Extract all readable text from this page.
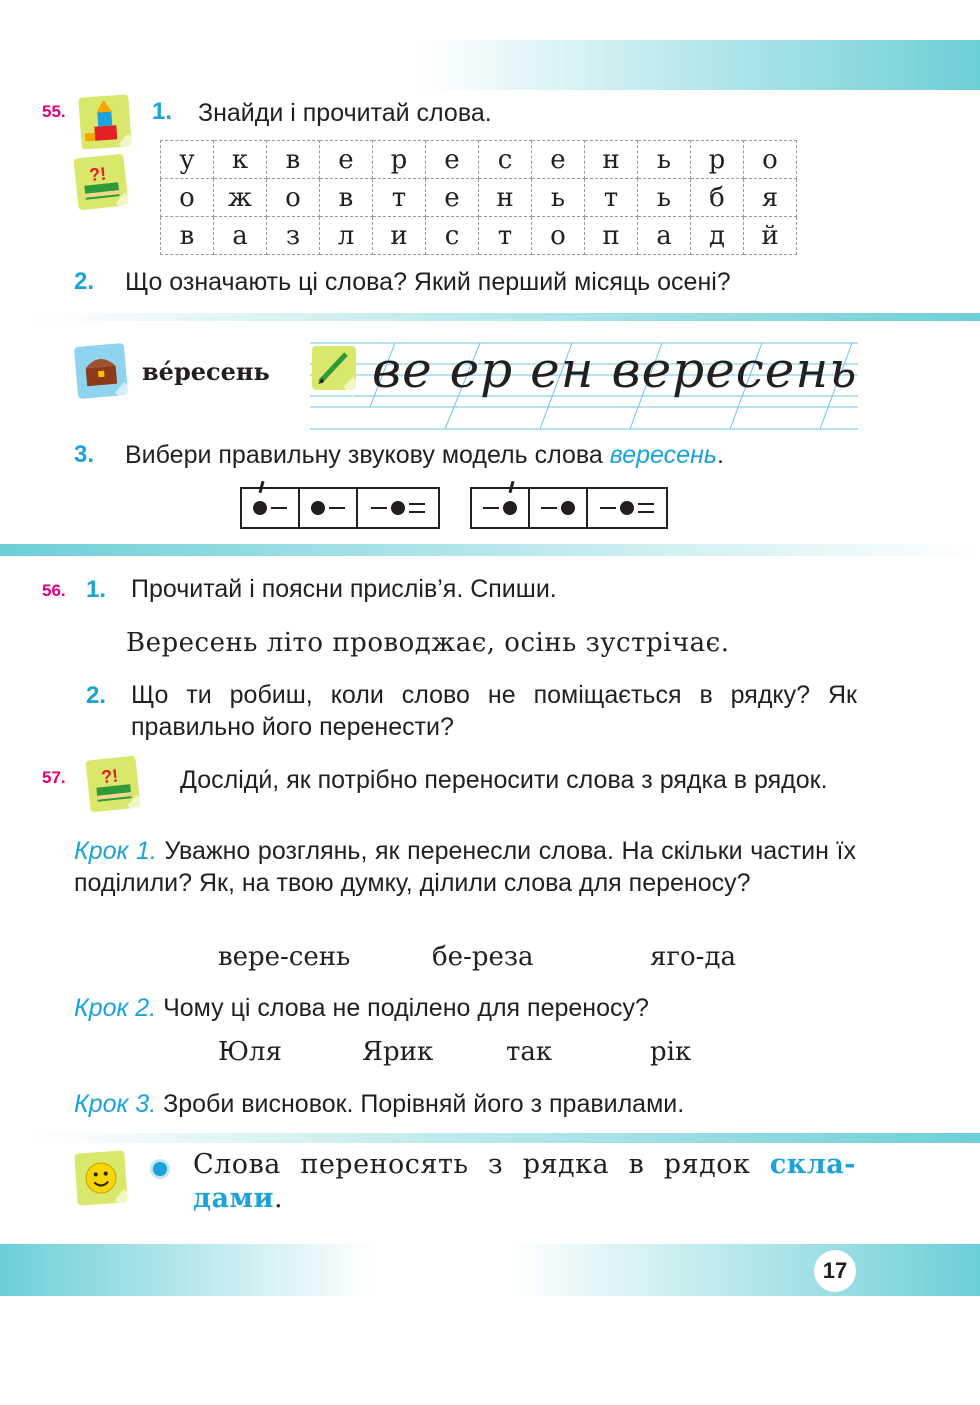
55.
?!
1. Знайди і прочитай слова.
у	к	в	е	р	е	с	е	н	ь	р	о
о	ж	о	в	т	е	н	ь	т	ь	б	я
в	а	з	л	и	с	т	о	п	а	д	й
2. Що означають ці слова? Який перший місяць осені?
вересень ве ер ен вересень
3. Вибери правильну звукову модель слова вересень.
56. 1. Прочитай і поясни прислів’я. Спиши.
Вересень літо проводжає, осінь зустрічає.
2. Що ти робиш, коли слово не поміщається в рядку? Як правильно його перенести?
57. ?! Досліди́, як потрібно переносити слова з рядка в рядок.
Крок 1. Уважно розглянь, як перенесли слова. На скільки частин їх поділили? Як, на твою думку, ділили слова для переносу?
вере-сень	бе-реза	яго-да
Крок 2. Чому ці слова не поділено для переносу?
Юля	Ярик	так	рік
Крок 3. Зроби висновок. Порівняй його з правилами.
Слова переносять з рядка в рядок скла- дами.
17
